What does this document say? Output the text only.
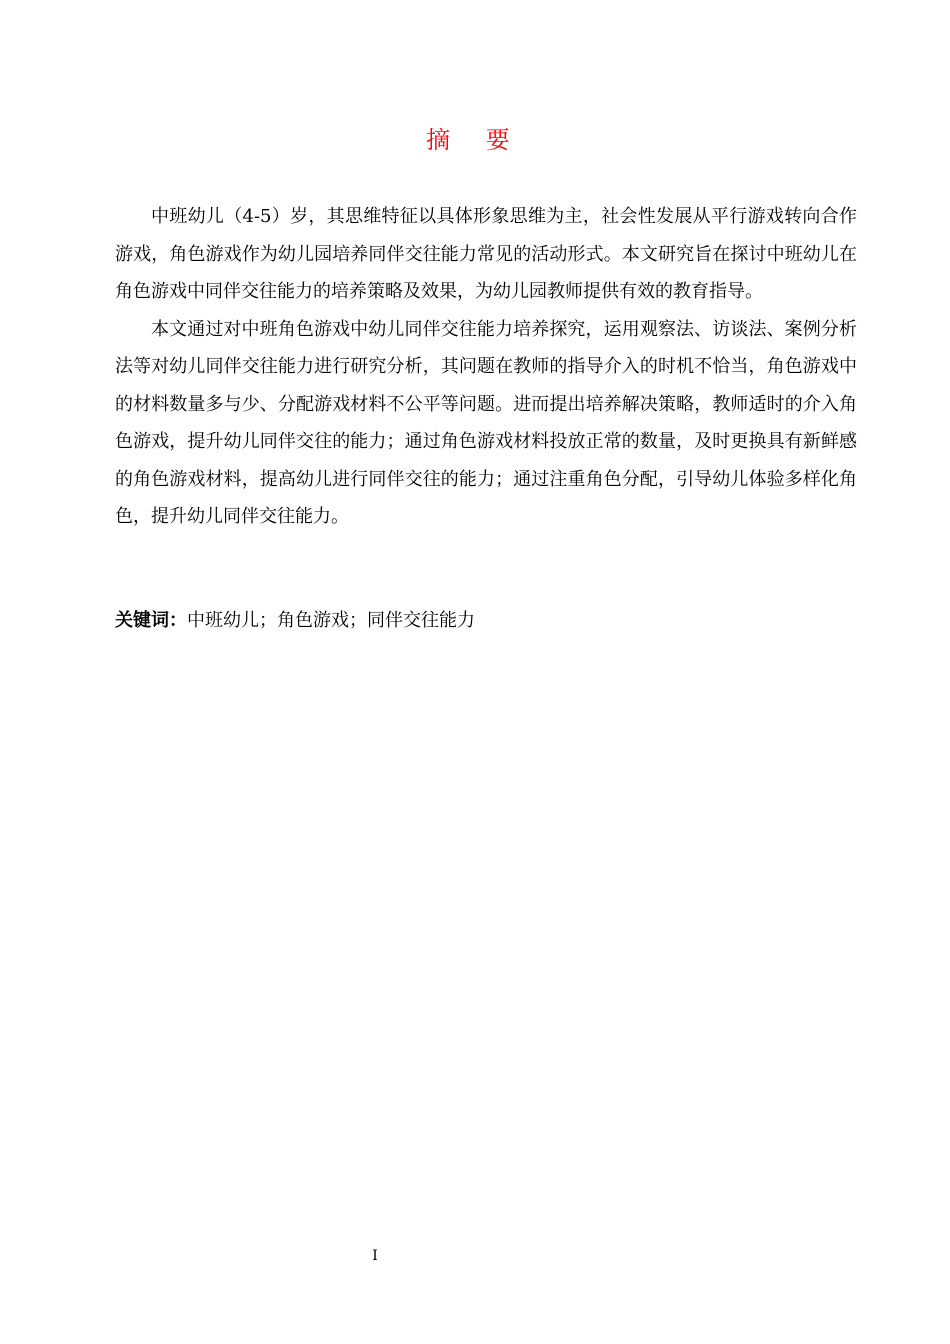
摘 要

中班幼儿（4-5）岁，其思维特征以具体形象思维为主，社会性发展从平行游戏转向合作游戏，角色游戏作为幼儿园培养同伴交往能力常见的活动形式。本文研究旨在探讨中班幼儿在角色游戏中同伴交往能力的培养策略及效果，为幼儿园教师提供有效的教育指导。

本文通过对中班角色游戏中幼儿同伴交往能力培养探究，运用观察法、访谈法、案例分析法等对幼儿同伴交往能力进行研究分析，其问题在教师的指导介入的时机不恰当，角色游戏中的材料数量多与少、分配游戏材料不公平等问题。进而提出培养解决策略，教师适时的介入角色游戏，提升幼儿同伴交往的能力；通过角色游戏材料投放正常的数量，及时更换具有新鲜感的角色游戏材料，提高幼儿进行同伴交往的能力；通过注重角色分配，引导幼儿体验多样化角色，提升幼儿同伴交往能力。

关键词：中班幼儿；角色游戏；同伴交往能力
I
